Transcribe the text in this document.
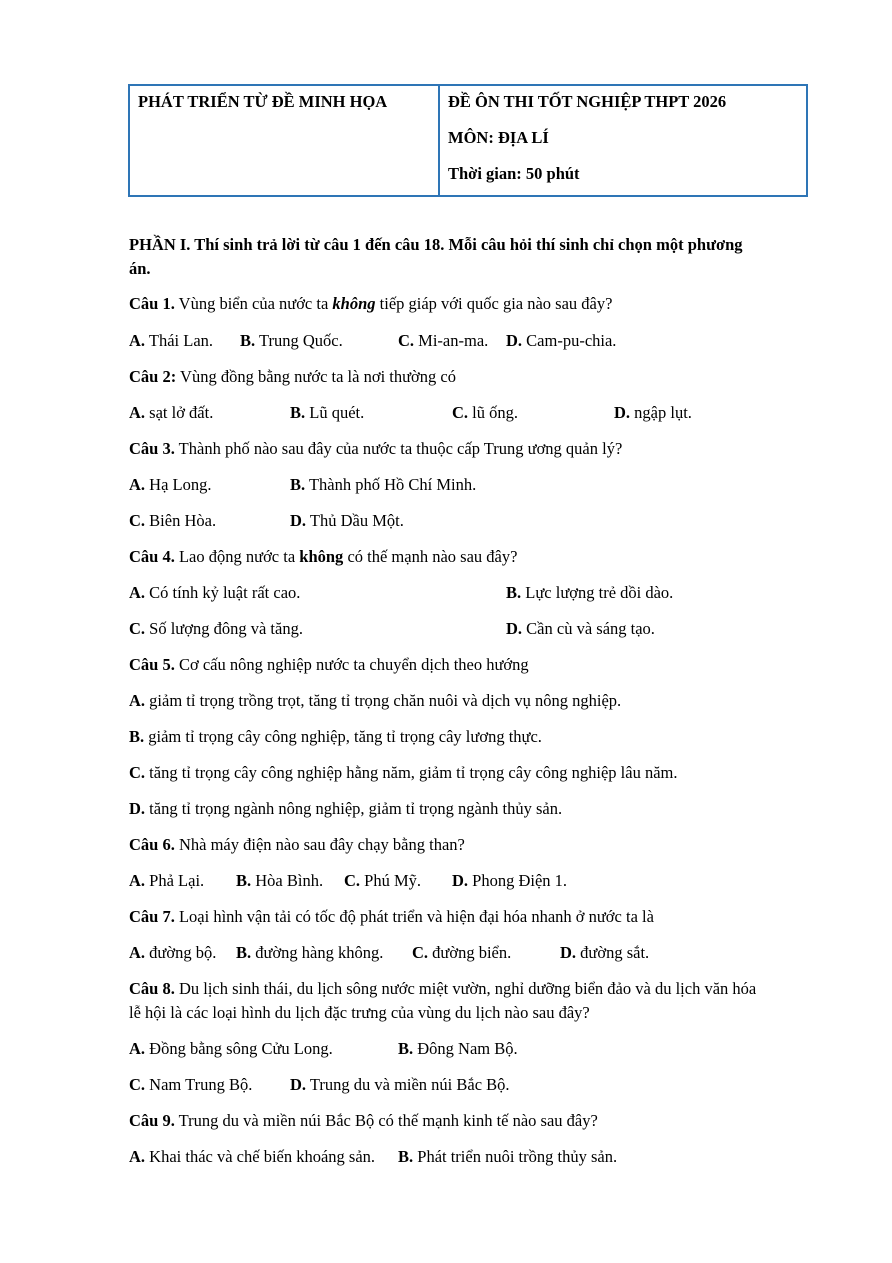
PHÁT TRIỂN TỪ ĐỀ MINH HỌA	ĐỀ ÔN THI TỐT NGHIỆP THPT 2026
MÔN: ĐỊA LÍ
Thời gian: 50 phút
PHẦN I. Thí sinh trả lời từ câu 1 đến câu 18. Mỗi câu hỏi thí sinh chỉ chọn một phương
án.
Câu 1. Vùng biển của nước ta không tiếp giáp với quốc gia nào sau đây?
A. Thái Lan. B. Trung Quốc.	C. Mi-an-ma. D. Cam-pu-chia.
Câu 2: Vùng đồng bằng nước ta là nơi thường có
A. sạt lở đất.	B. Lũ quét.	C. lũ ống.	D. ngập lụt.
Câu 3. Thành phố nào sau đây của nước ta thuộc cấp Trung ương quản lý?
A. Hạ Long.	B. Thành phố Hồ Chí Minh.
C. Biên Hòa.	D. Thủ Dầu Một.
Câu 4. Lao động nước ta không có thế mạnh nào sau đây?
A. Có tính kỷ luật rất cao.	B. Lực lượng trẻ dồi dào.
C. Số lượng đông và tăng.	D. Cần cù và sáng tạo.
Câu 5. Cơ cấu nông nghiệp nước ta chuyển dịch theo hướng
A. giảm tỉ trọng trồng trọt, tăng tỉ trọng chăn nuôi và dịch vụ nông nghiệp.
B. giảm tỉ trọng cây công nghiệp, tăng tỉ trọng cây lương thực.
C. tăng tỉ trọng cây công nghiệp hằng năm, giảm tỉ trọng cây công nghiệp lâu năm.
D. tăng tỉ trọng ngành nông nghiệp, giảm tỉ trọng ngành thủy sản.
Câu 6. Nhà máy điện nào sau đây chạy bằng than?
A. Phả Lại. B. Hòa Bình. C. Phú Mỹ. D. Phong Điện 1.
Câu 7. Loại hình vận tải có tốc độ phát triển và hiện đại hóa nhanh ở nước ta là
A. đường bộ. B. đường hàng không. C. đường biển.	D. đường sắt.
Câu 8. Du lịch sinh thái, du lịch sông nước miệt vườn, nghỉ dưỡng biển đảo và du lịch văn hóa
lễ hội là các loại hình du lịch đặc trưng của vùng du lịch nào sau đây?
A. Đồng bằng sông Cửu Long.	B. Đông Nam Bộ.
C. Nam Trung Bộ. D. Trung du và miền núi Bắc Bộ.
Câu 9. Trung du và miền núi Bắc Bộ có thế mạnh kinh tế nào sau đây?
A. Khai thác và chế biến khoáng sản. B. Phát triển nuôi trồng thủy sản.
